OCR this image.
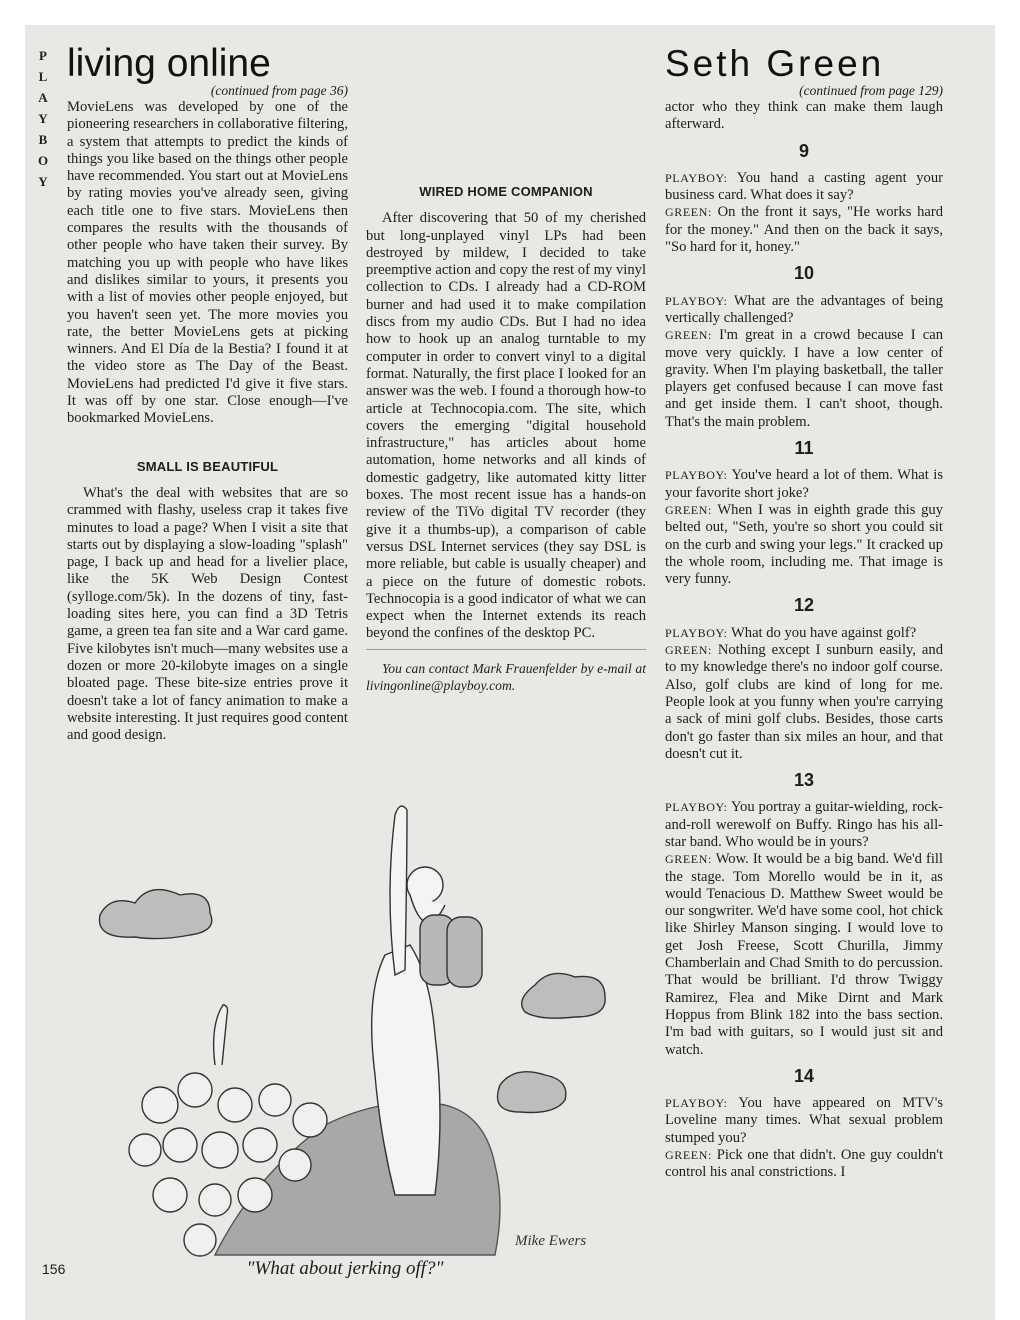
P
L
A
Y
B
O
Y
living online
(continued from page 36)

MovieLens was developed by one of the pioneering researchers in collaborative filtering, a system that attempts to predict the kinds of things you like based on the things other people have recommended. You start out at MovieLens by rating movies you've already seen, giving each title one to five stars. MovieLens then compares the results with the thousands of other people who have taken their survey. By matching you up with people who have likes and dislikes similar to yours, it presents you with a list of movies other people enjoyed, but you haven't seen yet. The more movies you rate, the better MovieLens gets at picking winners. And El Día de la Bestia? I found it at the video store as The Day of the Beast. MovieLens had predicted I'd give it five stars. It was off by one star. Close enough—I've bookmarked MovieLens.

SMALL IS BEAUTIFUL

What's the deal with websites that are so crammed with flashy, useless crap it takes five minutes to load a page? When I visit a site that starts out by displaying a slow-loading "splash" page, I back up and head for a livelier place, like the 5K Web Design Contest (sylloge.com/5k). In the dozens of tiny, fast-loading sites here, you can find a 3D Tetris game, a green tea fan site and a War card game. Five kilobytes isn't much—many websites use a dozen or more 20-kilobyte images on a single bloated page. These bite-size entries prove it doesn't take a lot of fancy animation to make a website interesting. It just requires good content and good design.

WIRED HOME COMPANION

After discovering that 50 of my cherished but long-unplayed vinyl LPs had been destroyed by mildew, I decided to take preemptive action and copy the rest of my vinyl collection to CDs. I already had a CD-ROM burner and had used it to make compilation discs from my audio CDs. But I had no idea how to hook up an analog turntable to my computer in order to convert vinyl to a digital format. Naturally, the first place I looked for an answer was the web. I found a thorough how-to article at Technocopia.com. The site, which covers the emerging "digital household infrastructure," has articles about home automation, home networks and all kinds of domestic gadgetry, like automated kitty litter boxes. The most recent issue has a hands-on review of the TiVo digital TV recorder (they give it a thumbs-up), a comparison of cable versus DSL Internet services (they say DSL is more reliable, but cable is usually cheaper) and a piece on the future of domestic robots. Technocopia is a good indicator of what we can expect when the Internet extends its reach beyond the confines of the desktop PC.

You can contact Mark Frauenfelder by e-mail at livingonline@playboy.com.

Seth Green
(continued from page 129)

actor who they think can make them laugh afterward.

9

PLAYBOY: You hand a casting agent your business card. What does it say?

GREEN: On the front it says, "He works hard for the money." And then on the back it says, "So hard for it, honey."

10

PLAYBOY: What are the advantages of being vertically challenged?

GREEN: I'm great in a crowd because I can move very quickly. I have a low center of gravity. When I'm playing basketball, the taller players get confused because I can move fast and get inside them. I can't shoot, though. That's the main problem.

11

PLAYBOY: You've heard a lot of them. What is your favorite short joke?

GREEN: When I was in eighth grade this guy belted out, "Seth, you're so short you could sit on the curb and swing your legs." It cracked up the whole room, including me. That image is very funny.

12

PLAYBOY: What do you have against golf?

GREEN: Nothing except I sunburn easily, and to my knowledge there's no indoor golf course. Also, golf clubs are kind of long for me. People look at you funny when you're carrying a sack of mini golf clubs. Besides, those carts don't go faster than six miles an hour, and that doesn't cut it.

13

PLAYBOY: You portray a guitar-wielding, rock-and-roll werewolf on Buffy. Ringo has his all-star band. Who would be in yours?

GREEN: Wow. It would be a big band. We'd fill the stage. Tom Morello would be in it, as would Tenacious D. Matthew Sweet would be our songwriter. We'd have some cool, hot chick like Shirley Manson singing. I would love to get Josh Freese, Scott Churilla, Jimmy Chamberlain and Chad Smith to do percussion. That would be brilliant. I'd throw Twiggy Ramirez, Flea and Mike Dirnt and Mark Hoppus from Blink 182 into the bass section. I'm bad with guitars, so I would just sit and watch.

14

PLAYBOY: You have appeared on MTV's Loveline many times. What sexual problem stumped you?

GREEN: Pick one that didn't. One guy couldn't control his anal constrictions. I

Mike Ewers
"What about jerking off?"
156
